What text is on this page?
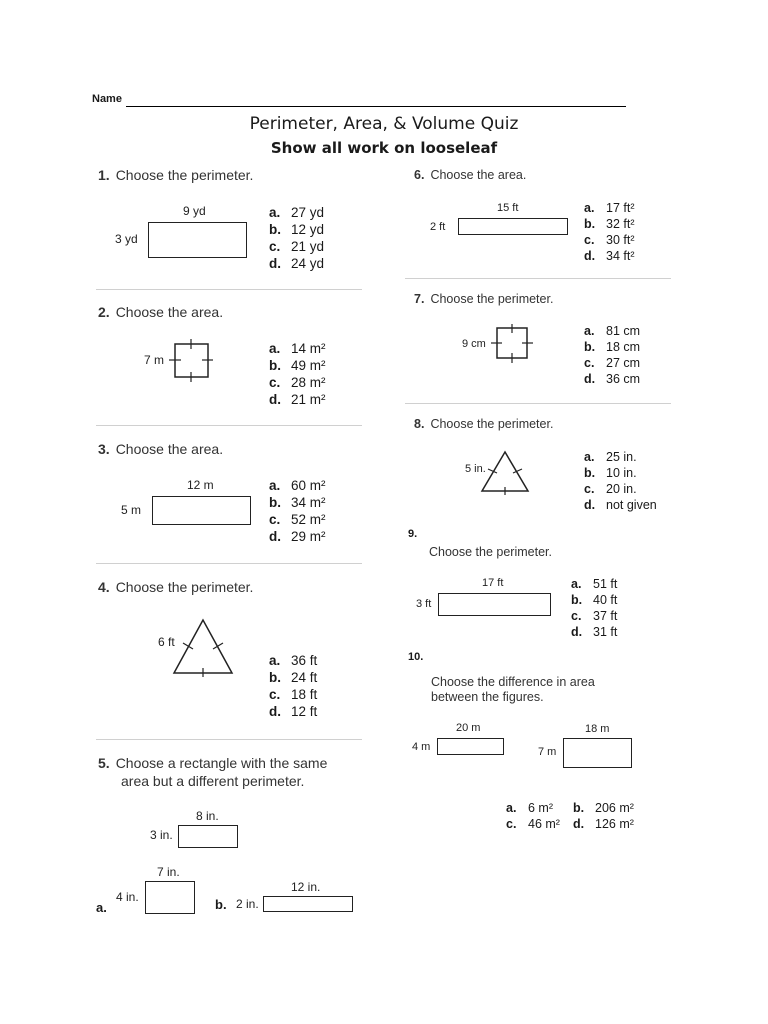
Name
Perimeter, Area, & Volume Quiz
Show all work on looseleaf
1. Choose the perimeter.
9 yd
3 yd
a. 27 yd
b. 12 yd
c. 21 yd
d. 24 yd
2. Choose the area.
7 m
a. 14 m²
b. 49 m²
c. 28 m²
d. 21 m²
3. Choose the area.
12 m
5 m
a. 60 m²
b. 34 m²
c. 52 m²
d. 29 m²
4. Choose the perimeter.
6 ft
a. 36 ft
b. 24 ft
c. 18 ft
d. 12 ft
5. Choose a rectangle with the same
area but a different perimeter.
8 in.
3 in.
a.
7 in.
4 in.	b.
12 in.
2 in.
6. Choose the area.
15 ft
2 ft
a. 17 ft²
b. 32 ft²
c. 30 ft²
d. 34 ft²
7. Choose the perimeter.
9 cm
a. 81 cm
b. 18 cm
c. 27 cm
d. 36 cm
8. Choose the perimeter.
5 in.
a. 25 in.
b. 10 in.
c. 20 in.
d. not given
9.
Choose the perimeter.
17 ft
3 ft
a. 51 ft
b. 40 ft
c. 37 ft
d. 31 ft
10.
Choose the difference in area
between the figures.
20 m
4 m
18 m
7 m
a. 6 m²
c. 46 m²
b. 206 m²
d. 126 m²
